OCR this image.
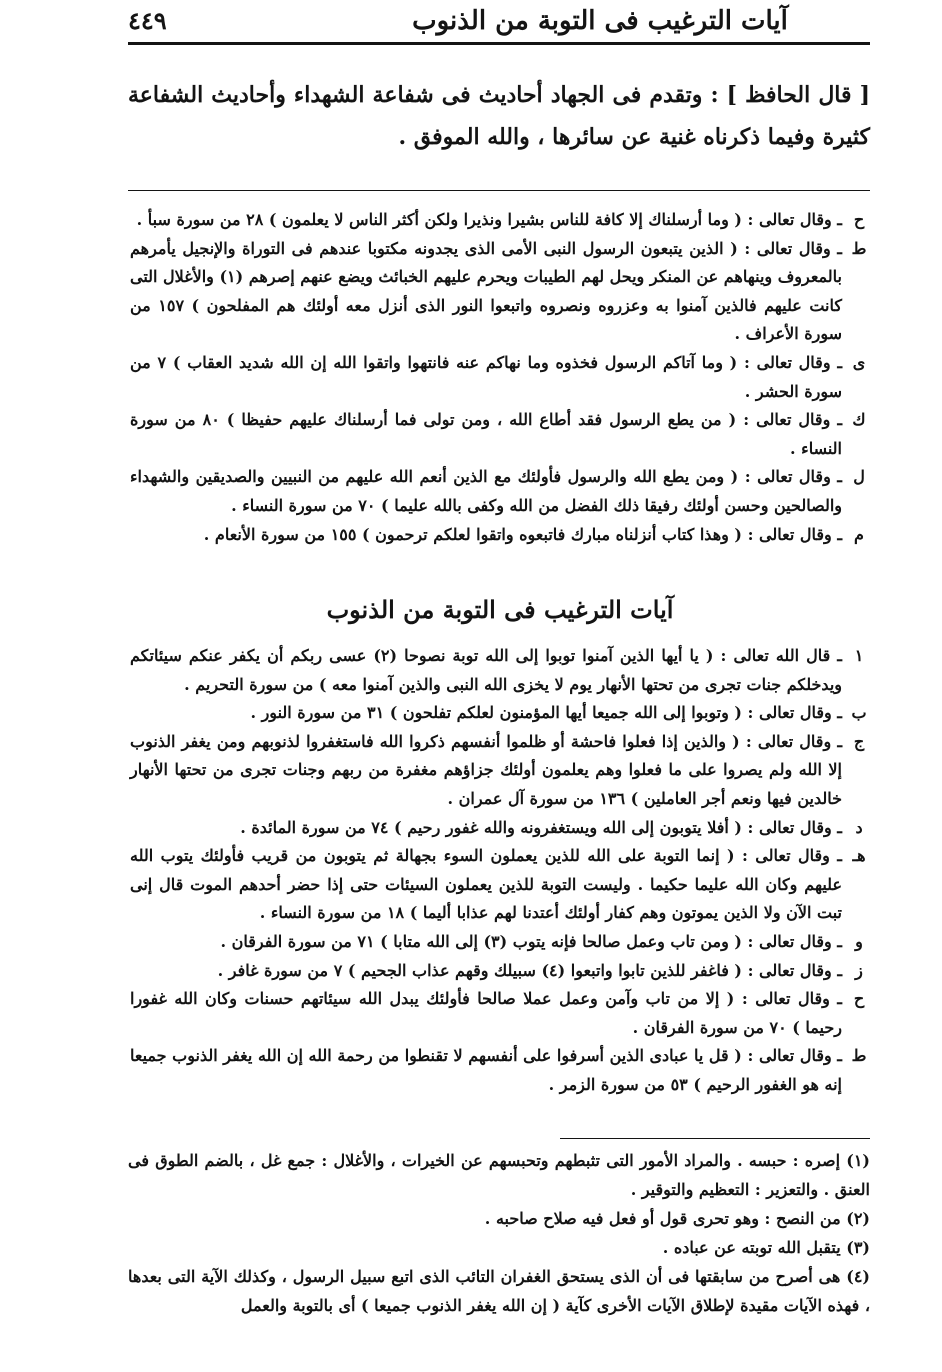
٤٤٩	آيات الترغيب فى التوبة من الذنوب

[ قال الحافظ ] : وتقدم فى الجهاد أحاديث فى شفاعة الشهداء وأحاديث الشفاعة كثيرة وفيما ذكرناه غنية عن سائرها ، والله الموفق .

ح
ـ وقال تعالى : ( وما أرسلناك إلا كافة للناس بشيرا ونذيرا ولكن أكثر الناس لا يعلمون ) ٢٨ من سورة سبأ .

ط
ـ وقال تعالى : ( الذين يتبعون الرسول النبى الأمى الذى يجدونه مكتوبا عندهم فى التوراة والإنجيل يأمرهم بالمعروف وينهاهم عن المنكر ويحل لهم الطيبات ويحرم عليهم الخبائث ويضع عنهم إصرهم (١) والأغلال التى كانت عليهم فالذين آمنوا به وعزروه ونصروه واتبعوا النور الذى أنزل معه أولئك هم المفلحون ) ١٥٧ من سورة الأعراف .

ى
ـ وقال تعالى : ( وما آتاكم الرسول فخذوه وما نهاكم عنه فانتهوا واتقوا الله إن الله شديد العقاب ) ٧ من سورة الحشر .

ك
ـ وقال تعالى : ( من يطع الرسول فقد أطاع الله ، ومن تولى فما أرسلناك عليهم حفيظا ) ٨٠ من سورة النساء .

ل
ـ وقال تعالى : ( ومن يطع الله والرسول فأولئك مع الذين أنعم الله عليهم من النبيين والصديقين والشهداء والصالحين وحسن أولئك رفيقا ذلك الفضل من الله وكفى بالله عليما ) ٧٠ من سورة النساء .

م
ـ وقال تعالى : ( وهذا كتاب أنزلناه مبارك فاتبعوه واتقوا لعلكم ترحمون ) ١٥٥ من سورة الأنعام .

آيات الترغيب فى التوبة من الذنوب

١
ـ قال الله تعالى : ( يا أيها الذين آمنوا توبوا إلى الله توبة نصوحا (٢) عسى ربكم أن يكفر عنكم سيئاتكم ويدخلكم جنات تجرى من تحتها الأنهار يوم لا يخزى الله النبى والذين آمنوا معه ) من سورة التحريم .

ب
ـ وقال تعالى : ( وتوبوا إلى الله جميعا أيها المؤمنون لعلكم تفلحون ) ٣١ من سورة النور .

ج
ـ وقال تعالى : ( والذين إذا فعلوا فاحشة أو ظلموا أنفسهم ذكروا الله فاستغفروا لذنوبهم ومن يغفر الذنوب إلا الله ولم يصروا على ما فعلوا وهم يعلمون أولئك جزاؤهم مغفرة من ربهم وجنات تجرى من تحتها الأنهار خالدين فيها ونعم أجر العاملين ) ١٣٦ من سورة آل عمران .

د
ـ وقال تعالى : ( أفلا يتوبون إلى الله ويستغفرونه والله غفور رحيم ) ٧٤ من سورة المائدة .

هـ
ـ وقال تعالى : ( إنما التوبة على الله للذين يعملون السوء بجهالة ثم يتوبون من قريب فأولئك يتوب الله عليهم وكان الله عليما حكيما . وليست التوبة للذين يعملون السيئات حتى إذا حضر أحدهم الموت قال إنى تبت الآن ولا الذين يموتون وهم كفار أولئك أعتدنا لهم عذابا أليما ) ١٨ من سورة النساء .

و
ـ وقال تعالى : ( ومن تاب وعمل صالحا فإنه يتوب (٣) إلى الله متابا ) ٧١ من سورة الفرقان .

ز
ـ وقال تعالى : ( فاغفر للذين تابوا واتبعوا (٤) سبيلك وقهم عذاب الجحيم ) ٧ من سورة غافر .

ح
ـ وقال تعالى : ( إلا من تاب وآمن وعمل عملا صالحا فأولئك يبدل الله سيئاتهم حسنات وكان الله غفورا رحيما ) ٧٠ من سورة الفرقان .

ط
ـ وقال تعالى : ( قل يا عبادى الذين أسرفوا على أنفسهم لا تقنطوا من رحمة الله إن الله يغفر الذنوب جميعا إنه هو الغفور الرحيم ) ٥٣ من سورة الزمر .

(١) إصره : حبسه . والمراد الأمور التى تثبطهم وتحبسهم عن الخيرات ، والأغلال : جمع غل ، بالضم الطوق فى العنق . والتعزير : التعظيم والتوقير .

(٢) من النصح : وهو تحرى قول أو فعل فيه صلاح صاحبه .

(٣) يتقبل الله توبته عن عباده .

(٤) هى أصرح من سابقتها فى أن الذى يستحق الغفران التائب الذى اتبع سبيل الرسول ، وكذلك الآية التى بعدها ، فهذه الآيات مقيدة لإطلاق الآيات الأخرى كآية ( إن الله يغفر الذنوب جميعا ) أى بالتوبة والعمل
